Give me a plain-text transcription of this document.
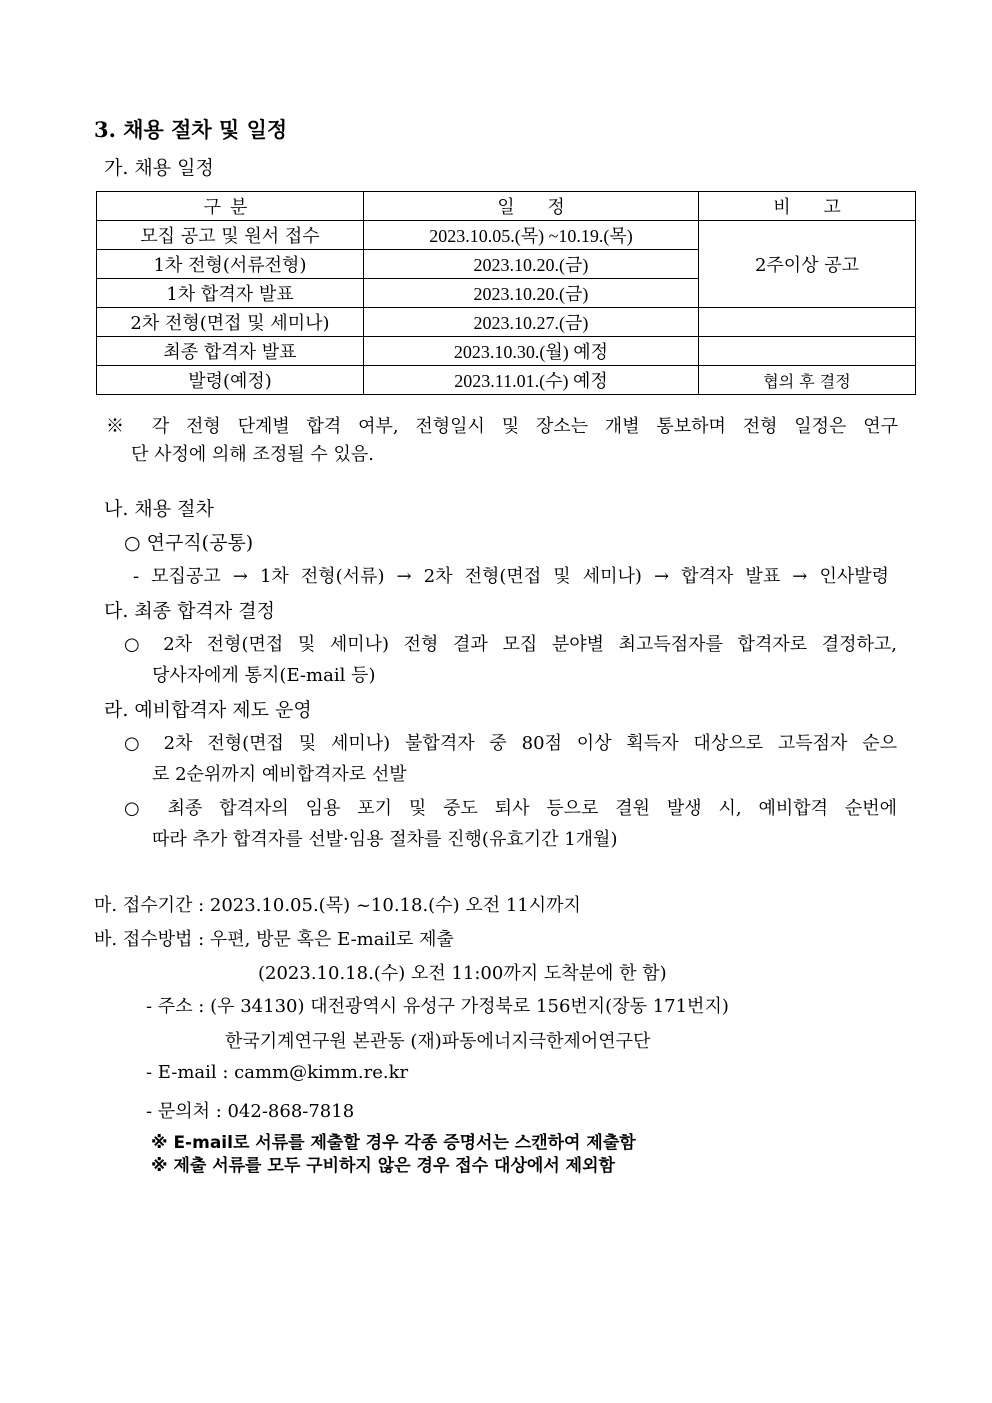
3. 채용 절차 및 일정
가. 채용 일정
구분	일 정	비 고
모집 공고 및 원서 접수	2023.10.05.(목) ~10.19.(목)	2주이상 공고
1차 전형(서류전형)	2023.10.20.(금)	
1차 합격자 발표	2023.10.20.(금)	
2차 전형(면접 및 세미나)	2023.10.27.(금)	
최종 합격자 발표	2023.10.30.(월) 예정	
발령(예정)	2023.11.01.(수) 예정	협의 후 결정
※ 각 전형 단계별 합격 여부, 전형일시 및 장소는 개별 통보하며 전형 일정은 연구
단 사정에 의해 조정될 수 있음.
나. 채용 절차
○ 연구직(공통)
- 모집공고 → 1차 전형(서류) → 2차 전형(면접 및 세미나) → 합격자 발표 → 인사발령
다. 최종 합격자 결정
○ 2차 전형(면접 및 세미나) 전형 결과 모집 분야별 최고득점자를 합격자로 결정하고,
당사자에게 통지(E-mail 등)
라. 예비합격자 제도 운영
○ 2차 전형(면접 및 세미나) 불합격자 중 80점 이상 획득자 대상으로 고득점자 순으
로 2순위까지 예비합격자로 선발
○ 최종 합격자의 임용 포기 및 중도 퇴사 등으로 결원 발생 시, 예비합격 순번에
따라 추가 합격자를 선발·임용 절차를 진행(유효기간 1개월)
마. 접수기간 : 2023.10.05.(목) ~10.18.(수) 오전 11시까지
바. 접수방법 : 우편, 방문 혹은 E-mail로 제출
(2023.10.18.(수) 오전 11:00까지 도착분에 한 함)
- 주소 : (우 34130) 대전광역시 유성구 가정북로 156번지(장동 171번지)
한국기계연구원 본관동 (재)파동에너지극한제어연구단
- E-mail : camm@kimm.re.kr
- 문의처 : 042-868-7818
※ E-mail로 서류를 제출할 경우 각종 증명서는 스캔하여 제출함
※ 제출 서류를 모두 구비하지 않은 경우 접수 대상에서 제외함
